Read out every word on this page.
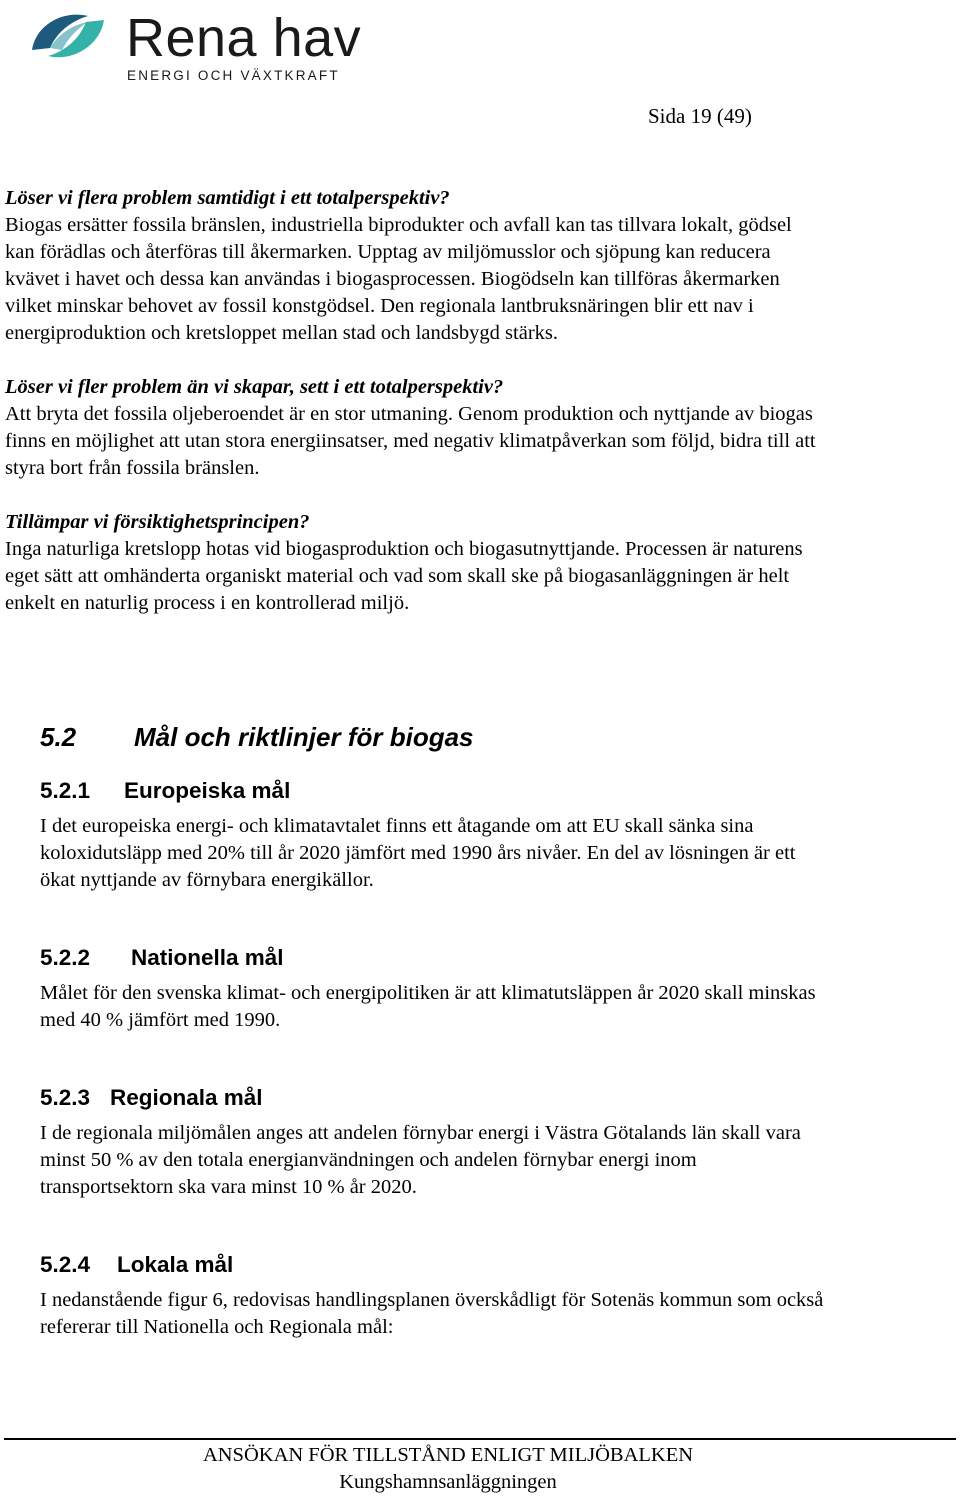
Rena hav
ENERGI OCH VÄXTKRAFT
Sida 19 (49)

Löser vi flera problem samtidigt i ett totalperspektiv?

Biogas ersätter fossila bränslen, industriella biprodukter och avfall kan tas tillvara lokalt, gödsel

kan förädlas och återföras till åkermarken. Upptag av miljömusslor och sjöpung kan reducera

kvävet i havet och dessa kan användas i biogasprocessen. Biogödseln kan tillföras åkermarken

vilket minskar behovet av fossil konstgödsel. Den regionala lantbruksnäringen blir ett nav i

energiproduktion och kretsloppet mellan stad och landsbygd stärks.

Löser vi fler problem än vi skapar, sett i ett totalperspektiv?

Att bryta det fossila oljeberoendet är en stor utmaning. Genom produktion och nyttjande av biogas

finns en möjlighet att utan stora energiinsatser, med negativ klimatpåverkan som följd, bidra till att

styra bort från fossila bränslen.

Tillämpar vi försiktighetsprincipen?

Inga naturliga kretslopp hotas vid biogasproduktion och biogasutnyttjande. Processen är naturens

eget sätt att omhänderta organiskt material och vad som skall ske på biogasanläggningen är helt

enkelt en naturlig process i en kontrollerad miljö.

5.2 Mål och riktlinjer för biogas
5.2.1 Europeiska mål

I det europeiska energi- och klimatavtalet finns ett åtagande om att EU skall sänka sina

koloxidutsläpp med 20% till år 2020 jämfört med 1990 års nivåer. En del av lösningen är ett

ökat nyttjande av förnybara energikällor.

5.2.2 Nationella mål

Målet för den svenska klimat- och energipolitiken är att klimatutsläppen år 2020 skall minskas

med 40 % jämfört med 1990.

5.2.3 Regionala mål

I de regionala miljömålen anges att andelen förnybar energi i Västra Götalands län skall vara

minst 50 % av den totala energianvändningen och andelen förnybar energi inom

transportsektorn ska vara minst 10 % år 2020.

5.2.4 Lokala mål

I nedanstående figur 6, redovisas handlingsplanen överskådligt för Sotenäs kommun som också

refererar till Nationella och Regionala mål:

ANSÖKAN FÖR TILLSTÅND ENLIGT MILJÖBALKEN
Kungshamnsanläggningen
